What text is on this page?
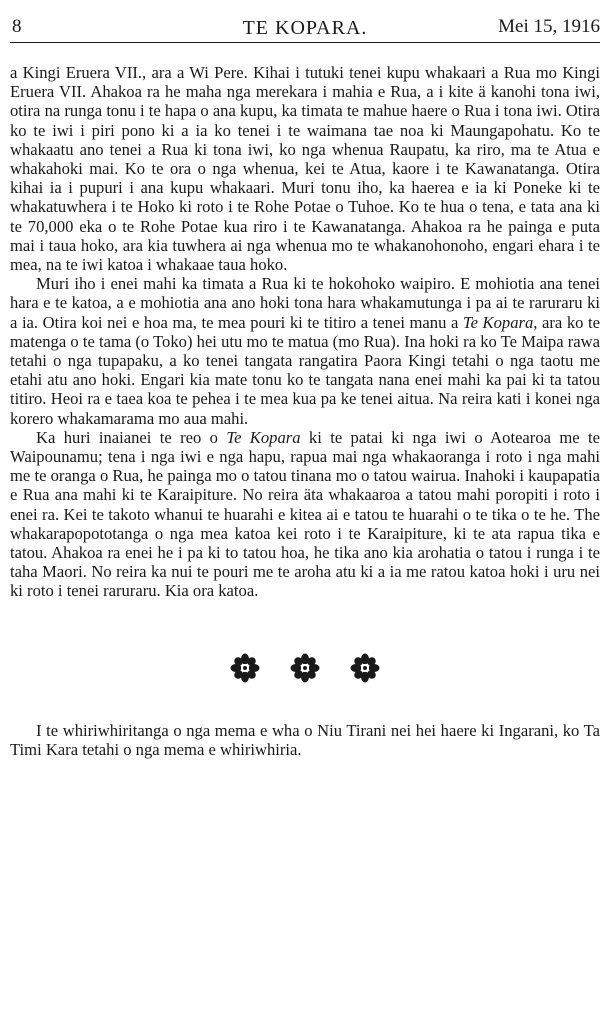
8	TE KOPARA.	Mei 15, 1916

a Kingi Eruera VII., ara a Wi Pere. Kihai i tutuki tenei kupu whakaari a Rua mo Kingi Eruera VII. Ahakoa ra he maha nga merekara i mahia e Rua, a i kite ä kanohi tona iwi, otira na runga tonu i te hapa o ana kupu, ka timata te mahue haere o Rua i tona iwi. Otira ko te iwi i piri pono ki a ia ko tenei i te waimana tae noa ki Maungapohatu. Ko te whakaatu ano tenei a Rua ki tona iwi, ko nga whenua Raupatu, ka riro, ma te Atua e whakahoki mai. Ko te ora o nga whenua, kei te Atua, kaore i te Kawanatanga. Otira kihai ia i pupuri i ana kupu whakaari. Muri tonu iho, ka haerea e ia ki Poneke ki te whakatuwhera i te Hoko ki roto i te Rohe Potae o Tuhoe. Ko te hua o tena, e tata ana ki te 70,000 eka o te Rohe Potae kua riro i te Kawanatanga. Ahakoa ra he painga e puta mai i taua hoko, ara kia tuwhera ai nga whenua mo te whakanohonoho, engari ehara i te mea, na te iwi katoa i whakaae taua hoko.

Muri iho i enei mahi ka timata a Rua ki te hokohoko waipiro. E mohiotia ana tenei hara e te katoa, a e mohiotia ana ano hoki tona hara whakamutunga i pa ai te raruraru ki a ia. Otira koi nei e hoa ma, te mea pouri ki te titiro a tenei manu a Te Kopara, ara ko te matenga o te tama (o Toko) hei utu mo te matua (mo Rua). Ina hoki ra ko Te Maipa rawa tetahi o nga tupapaku, a ko tenei tangata rangatira Paora Kingi tetahi o nga taotu me etahi atu ano hoki. Engari kia mate tonu ko te tangata nana enei mahi ka pai ki ta tatou titiro. Heoi ra e taea koa te pehea i te mea kua pa ke tenei aitua. Na reira kati i konei nga korero whakamarama mo aua mahi.

Ka huri inaianei te reo o Te Kopara ki te patai ki nga iwi o Aotearoa me te Waipounamu; tena i nga iwi e nga hapu, rapua mai nga whakaoranga i roto i nga mahi me te oranga o Rua, he painga mo o tatou tinana mo o tatou wairua. Inahoki i kaupapatia e Rua ana mahi ki te Karaipiture. No reira äta whakaaroa a tatou mahi poropiti i roto i enei ra. Kei te takoto whanui te huarahi e kitea ai e tatou te huarahi o te tika o te he. The whakarapopototanga o nga mea katoa kei roto i te Karaipiture, ki te ata rapua tika e tatou. Ahakoa ra enei he i pa ki to tatou hoa, he tika ano kia arohatia o tatou i runga i te taha Maori. No reira ka nui te pouri me te aroha atu ki a ia me ratou katoa hoki i uru nei ki roto i tenei raruraru. Kia ora katoa.

I te whiriwhiritanga o nga mema e wha o Niu Tirani nei hei haere ki Ingarani, ko Ta Timi Kara tetahi o nga mema e whiriwhiria.
